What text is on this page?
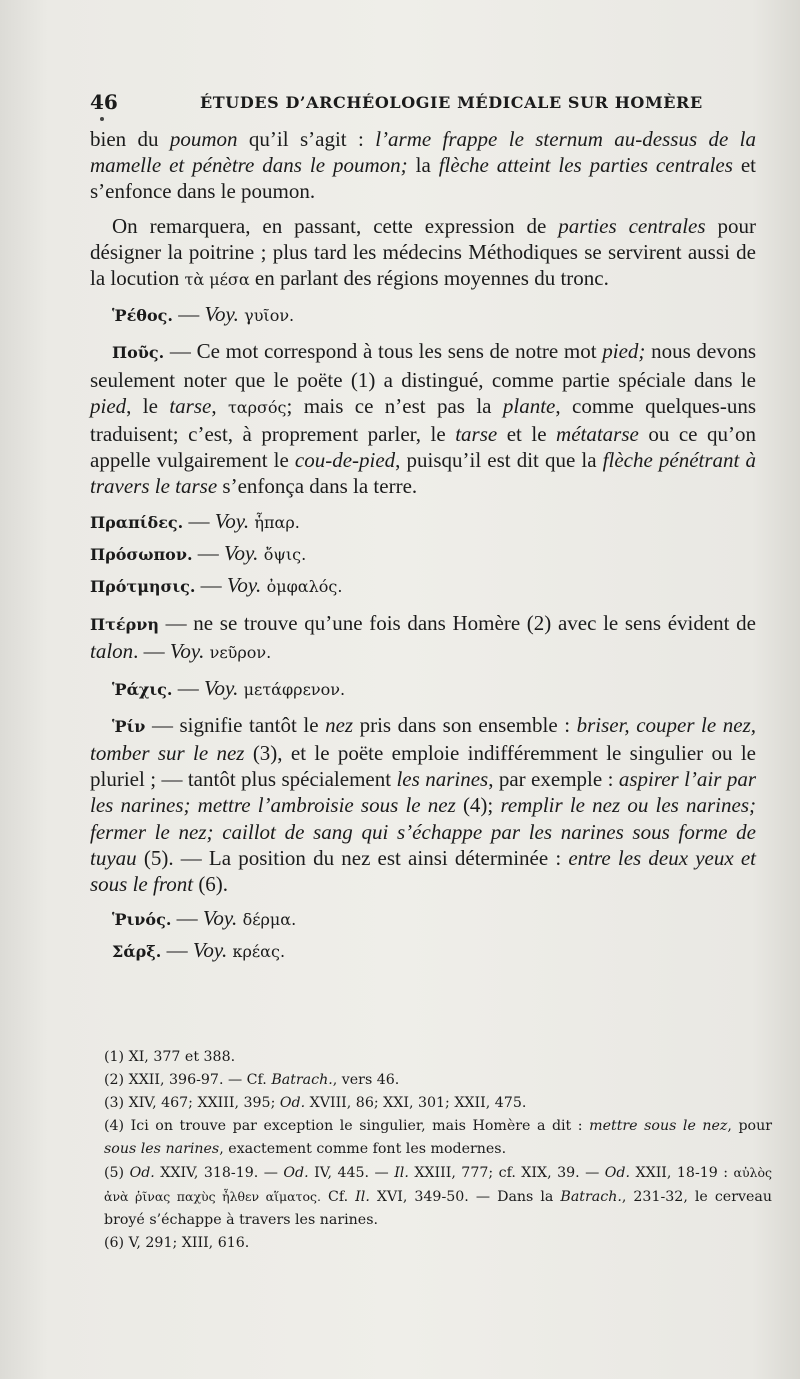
46	ÉTUDES D’ARCHÉOLOGIE MÉDICALE SUR HOMÈRE

bien du poumon qu’il s’agit : l’arme frappe le sternum au-dessus de la mamelle et pénètre dans le poumon; la flèche atteint les parties centrales et s’enfonce dans le poumon.

On remarquera, en passant, cette expression de parties centrales pour désigner la poitrine ; plus tard les médecins Méthodiques se servirent aussi de la locution τὰ μέσα en parlant des régions moyennes du tronc.

Ῥέθος. — Voy. γυῖον.

Ποῦς. — Ce mot correspond à tous les sens de notre mot pied; nous devons seulement noter que le poëte (1) a distingué, comme partie spéciale dans le pied, le tarse, ταρσός; mais ce n’est pas la plante, comme quelques-uns traduisent; c’est, à proprement parler, le tarse et le métatarse ou ce qu’on appelle vulgairement le cou-de-pied, puisqu’il est dit que la flèche pénétrant à travers le tarse s’enfonça dans la terre.

Πραπίδες. — Voy. ἧπαρ.

Πρόσωπον. — Voy. ὄψις.

Πρότμησις. — Voy. ὀμφαλός.

Πτέρνη — ne se trouve qu’une fois dans Homère (2) avec le sens évident de talon. — Voy. νεῦρον.

Ῥάχις. — Voy. μετάφρενον.

Ῥίν — signifie tantôt le nez pris dans son ensemble : briser, couper le nez, tomber sur le nez (3), et le poëte emploie indifféremment le singulier ou le pluriel ; — tantôt plus spécialement les narines, par exemple : aspirer l’air par les narines; mettre l’ambroisie sous le nez (4); remplir le nez ou les narines; fermer le nez; caillot de sang qui s’échappe par les narines sous forme de tuyau (5). — La position du nez est ainsi déterminée : entre les deux yeux et sous le front (6).

Ῥινός. — Voy. δέρμα.

Σάρξ. — Voy. κρέας.

(1) XI, 377 et 388.

(2) XXII, 396-97. — Cf. Batrach., vers 46.

(3) XIV, 467; XXIII, 395; Od. XVIII, 86; XXI, 301; XXII, 475.

(4) Ici on trouve par exception le singulier, mais Homère a dit : mettre sous le nez, pour sous les narines, exactement comme font les modernes.

(5) Od. XXIV, 318-19. — Od. IV, 445. — Il. XXIII, 777; cf. XIX, 39. — Od. XXII, 18-19 : αὐλὸς ἀνὰ ῥῖνας παχὺς ἦλθεν αἵματος. Cf. Il. XVI, 349-50. — Dans la Batrach., 231-32, le cerveau broyé s’échappe à travers les narines.

(6) V, 291; XIII, 616.
